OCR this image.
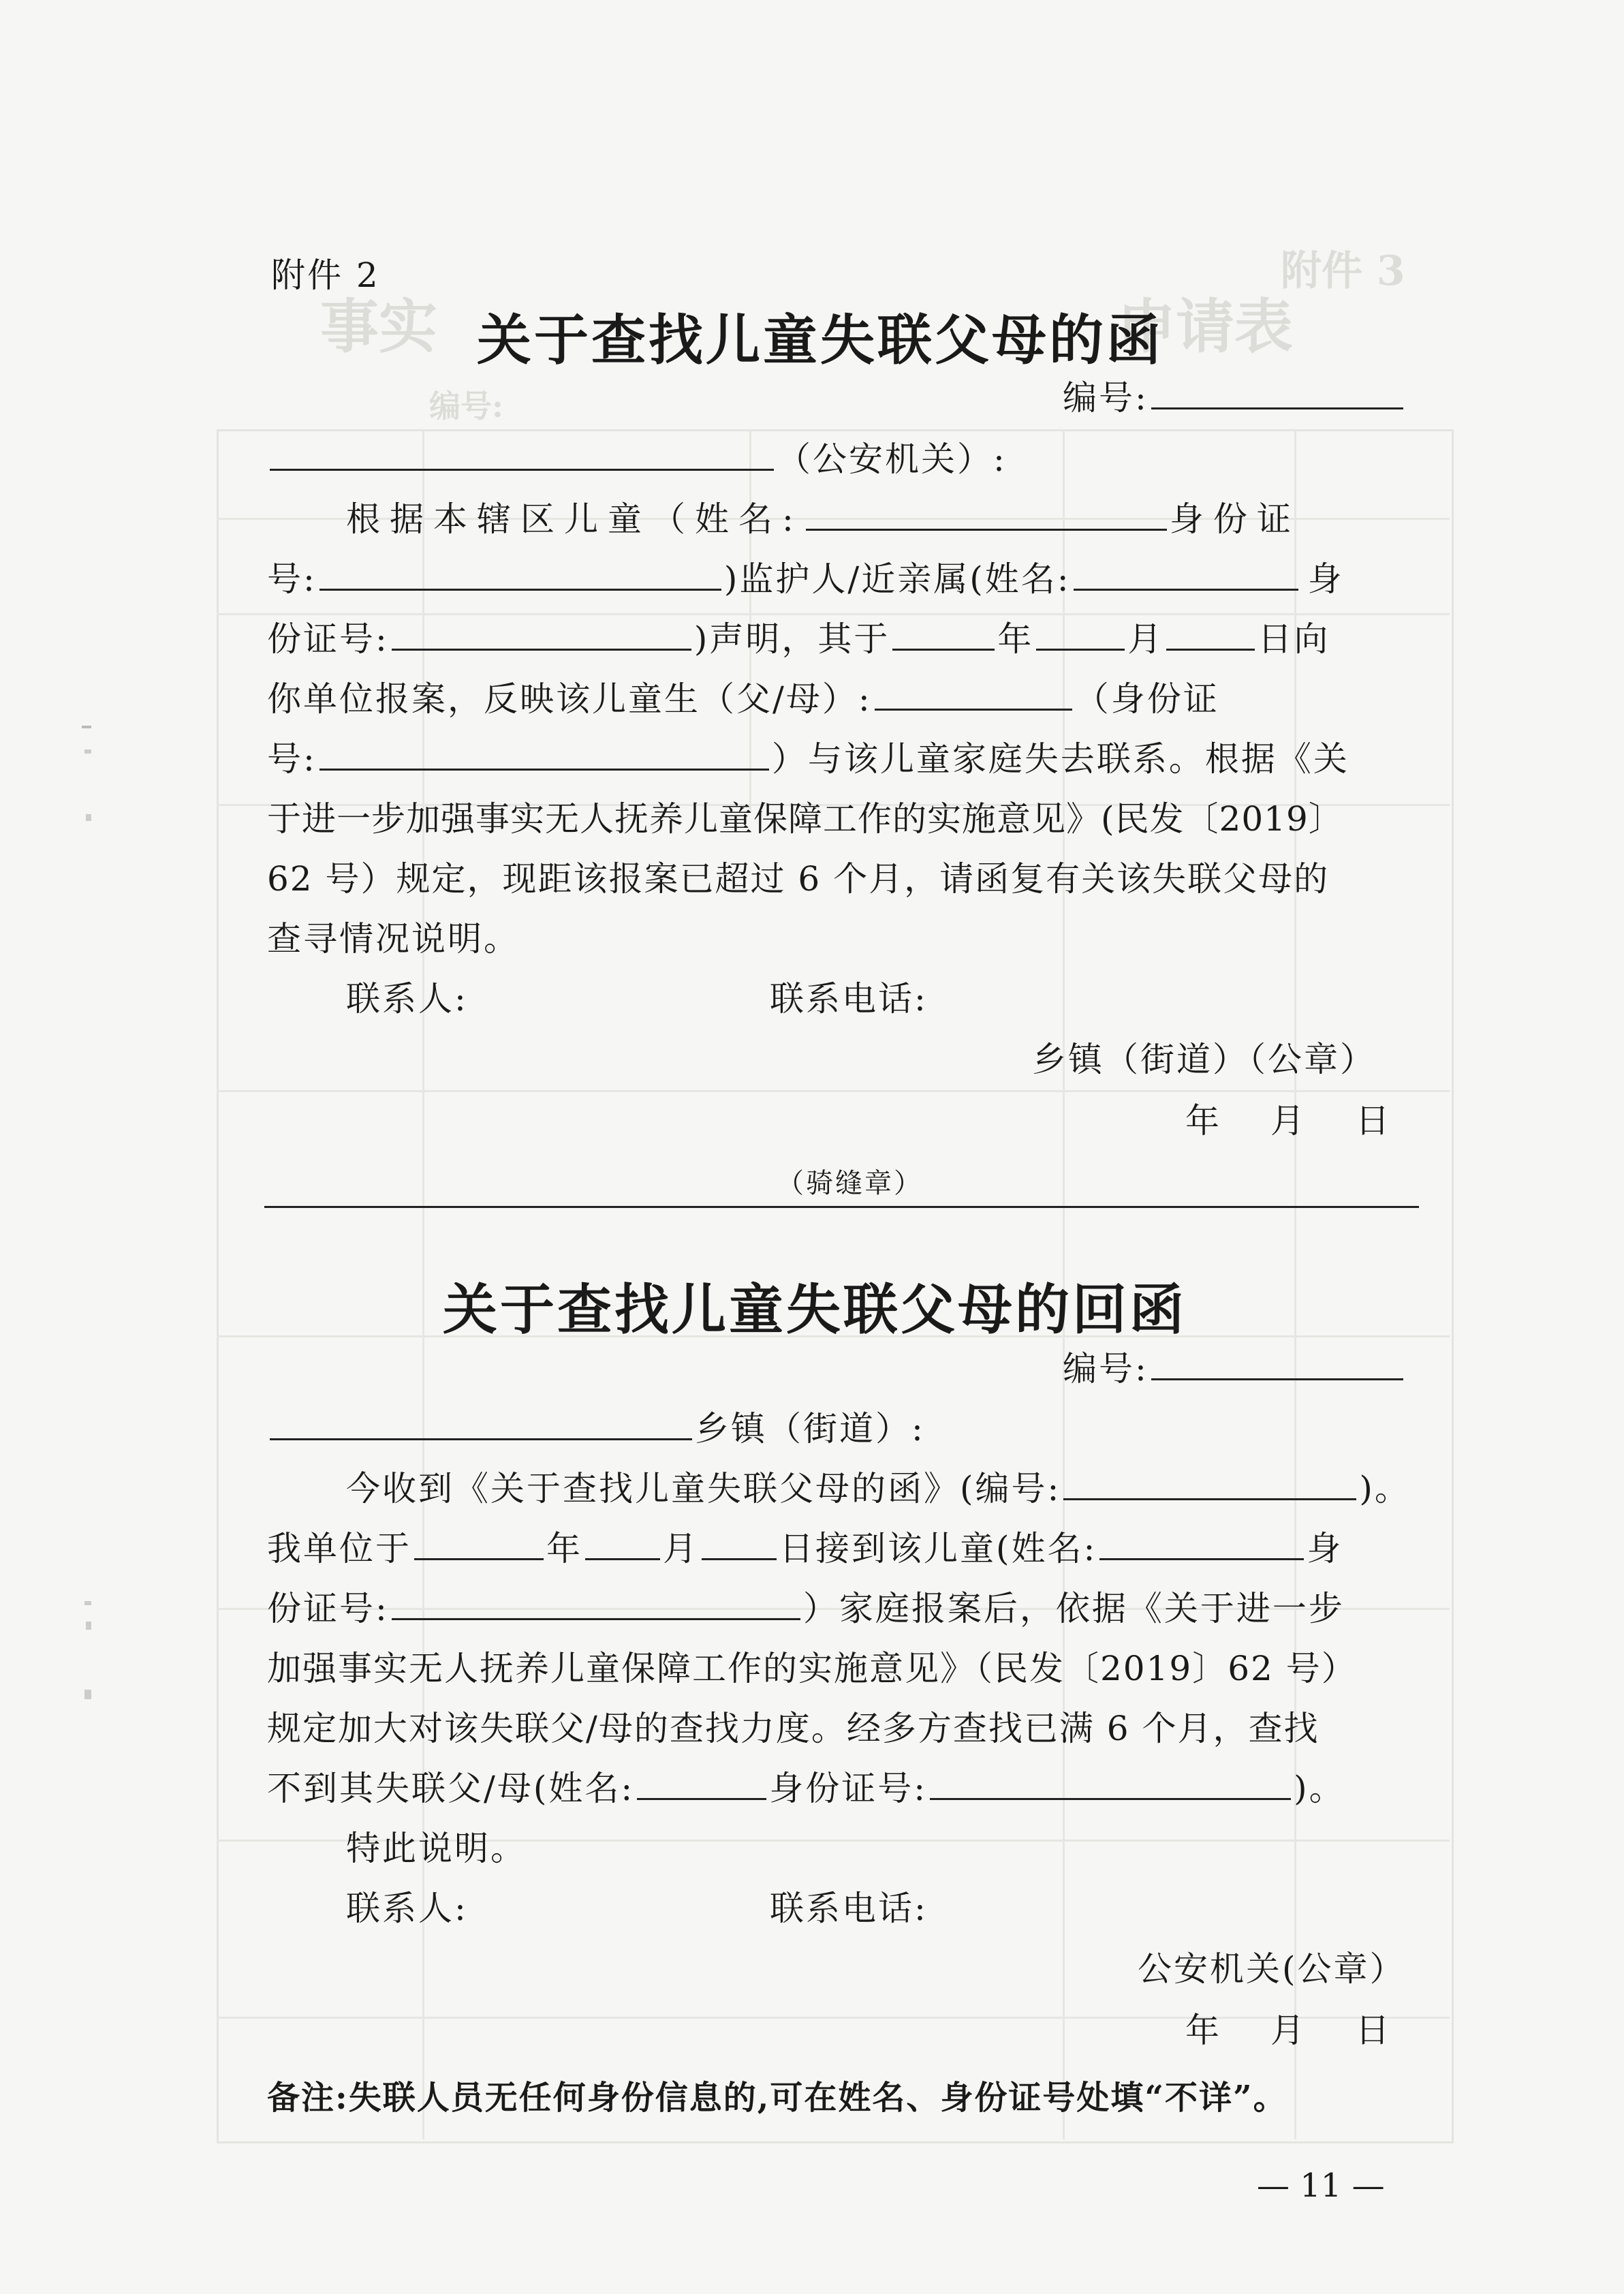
附件 3
事实	申请表
编号:
附件 2
关于查找儿童失联父母的函
编号:
（公安机关）:
根据本辖区儿童（姓名:	身份证
号:	)监护人/近亲属(姓名:	身
份证号:	)声明，其于	年	月	日向
你单位报案，反映该儿童生（父/母）:	（身份证
号:	）与该儿童家庭失去联系。根据《关
于进一步加强事实无人抚养儿童保障工作的实施意见》(民发〔2019〕
62 号）规定，现距该报案已超过 6 个月，请函复有关该失联父母的
查寻情况说明。
联系人:	联系电话:
乡镇（街道）（公章）
年　 月　 日
（骑缝章）
关于查找儿童失联父母的回函
编号:
乡镇（街道）:
今收到《关于查找儿童失联父母的函》(编号:	)。
我单位于	年 月 日接到该儿童(姓名:	身
份证号:	）家庭报案后，依据《关于进一步
加强事实无人抚养儿童保障工作的实施意见》（民发〔2019〕62 号）
规定加大对该失联父/母的查找力度。经多方查找已满 6 个月，查找
不到其失联父/母(姓名:	身份证号:	)。
特此说明。
联系人:	联系电话:
公安机关(公章）
年　 月　 日
备注:失联人员无任何身份信息的,可在姓名、身份证号处填“不详”。
— 11 —
